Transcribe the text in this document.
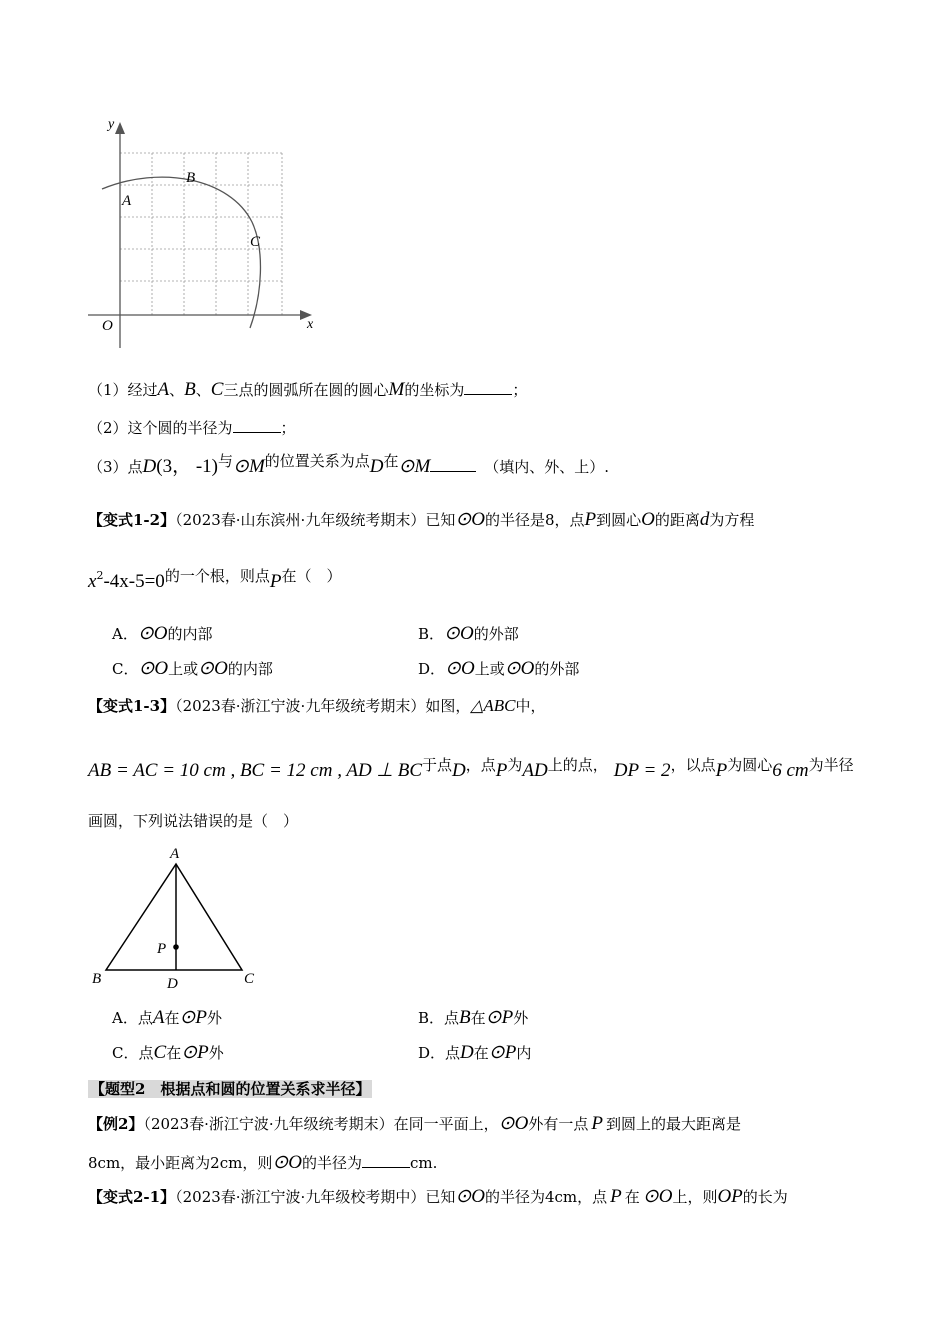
y
x
O
A
B
C
（1）经过A、B、C三点的圆弧所在圆的圆心M的坐标为	；
（2）这个圆的半径为	；
（3）点D(3， -1)与⊙M的位置关系为点D在⊙M	（填内、外、上）.
【变式1-2】（2023春·山东滨州·九年级统考期末）已知⊙O的半径是8，点P到圆心O的距离d为方程
$x^2-4x-5=0$的一个根，则点P在（　）
A．⊙O的内部	B．⊙O的外部
C．⊙O上或⊙O的内部	D．⊙O上或⊙O的外部
【变式1-3】（2023春·浙江宁波·九年级统考期末）如图，△ABC中，
AB = AC = 10 cm , BC = 12 cm , AD ⊥ BC于点D，点P为AD上的点， DP = 2，以点P为圆心6 cm为半径
画圆，下列说法错误的是（　）
A
B	C
D
P
A．点A在⊙P外	B．点B在⊙P外
C．点C在⊙P外	D．点D在⊙P内
【题型2　根据点和圆的位置关系求半径】
【例2】（2023春·浙江宁波·九年级统考期末）在同一平面上，⊙O外有一点 P 到圆上的最大距离是
8cm，最小距离为2cm，则⊙O的半径为	cm.
【变式2-1】（2023春·浙江宁波·九年级校考期中）已知⊙O的半径为4cm，点 P 在 ⊙O上，则OP的长为
